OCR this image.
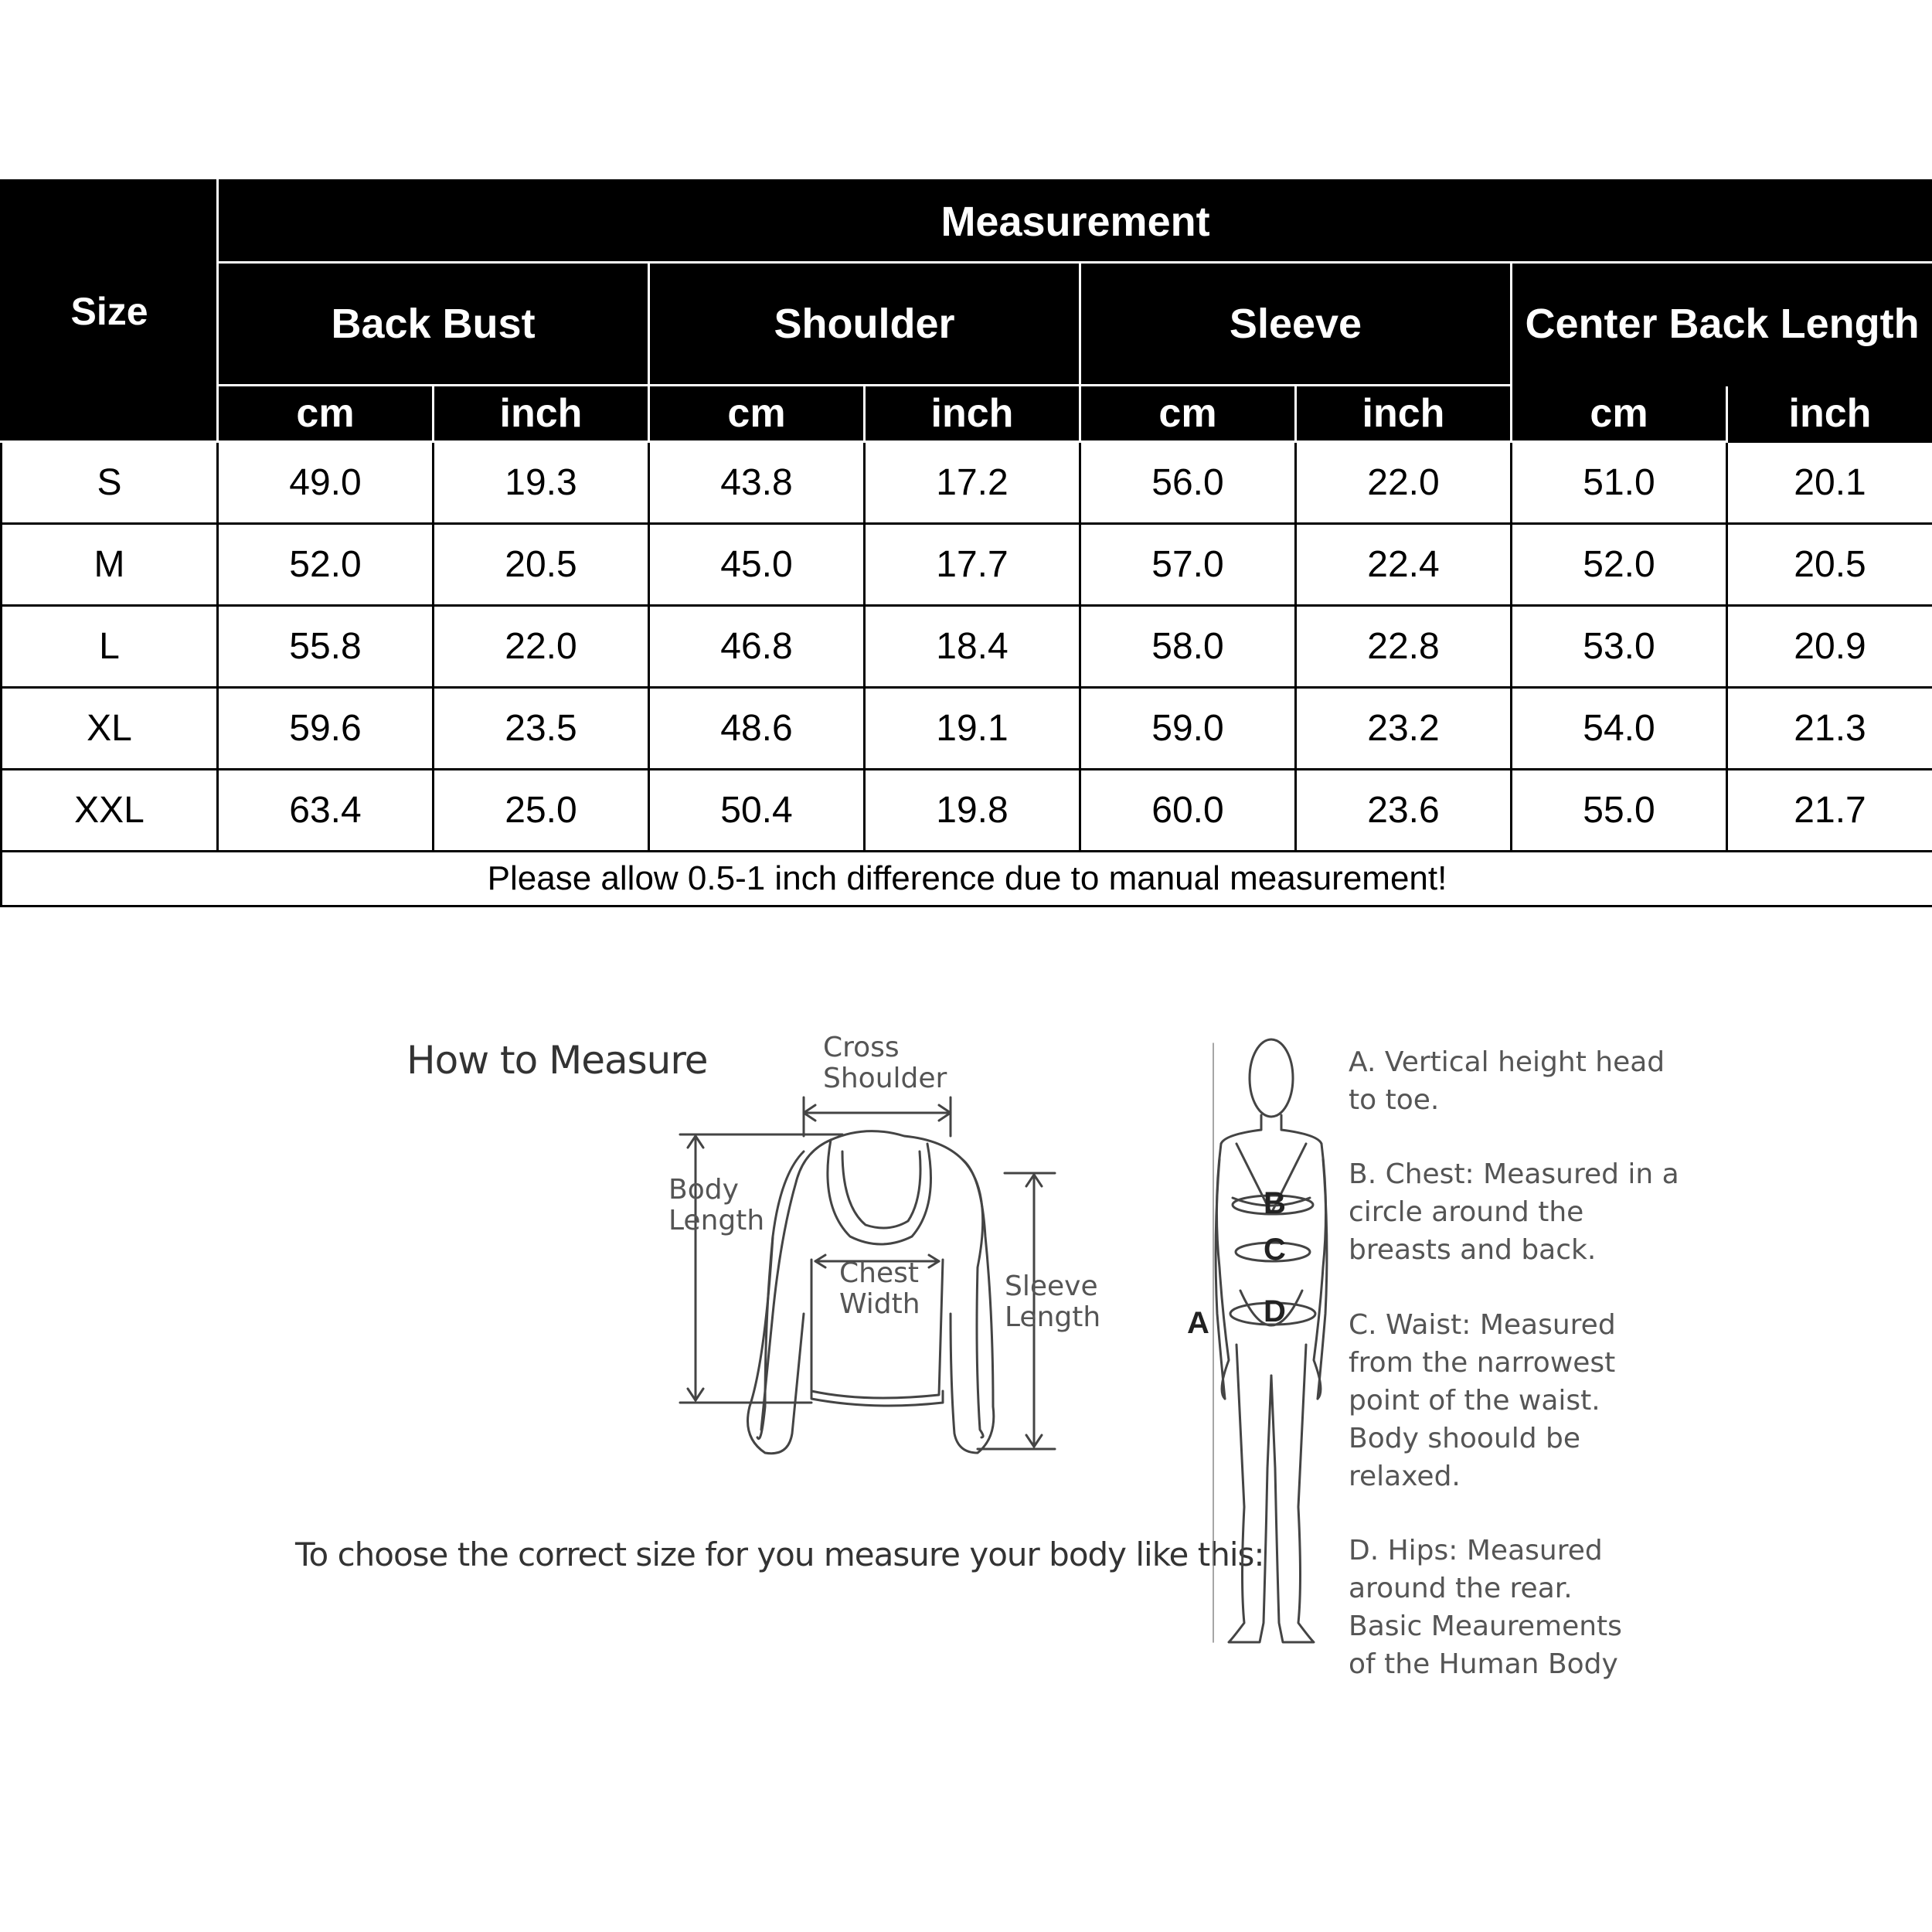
Size	Measurement							
	Back Bust		Shoulder		Sleeve		Center Back Length	
	cm	inch	cm	inch	cm	inch	cm	inch
S	49.0	19.3	43.8	17.2	56.0	22.0	51.0	20.1
M	52.0	20.5	45.0	17.7	57.0	22.4	52.0	20.5
L	55.8	22.0	46.8	18.4	58.0	22.8	53.0	20.9
XL	59.6	23.5	48.6	19.1	59.0	23.2	54.0	21.3
XXL	63.4	25.0	50.4	19.8	60.0	23.6	55.0	21.7
Please allow 0.5-1 inch difference due to manual measurement!								
How to Measure
To choose the correct size for you measure your body like this:
Cross
Shoulder
Body
Length
Chest
Width
Sleeve
Length
B
C
D
A
A. Vertical height head
to toe.
B. Chest: Measured in a
circle around the
breasts and back.
C. Waist: Measured
from the narrowest
point of the waist.
Body shoould be
relaxed.
D. Hips: Measured
around the rear.
Basic Meaurements
of the Human Body
